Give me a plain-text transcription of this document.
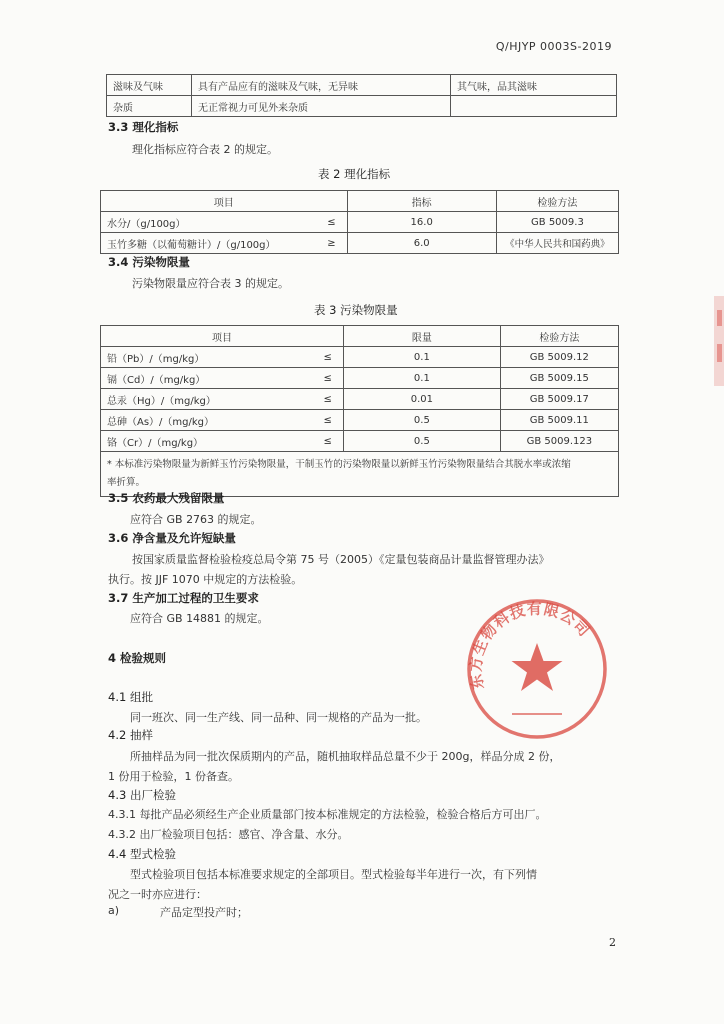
Q/HJYP 0003S-2019
滋味及气味	具有产品应有的滋味及气味，无异味	其气味，品其滋味
杂质	无正常视力可见外来杂质	
3.3 理化指标
理化指标应符合表 2 的规定。
表 2 理化指标
项目		指标	检验方法
水分/（g/100g）	≤	16.0	GB 5009.3
玉竹多糖（以葡萄糖计）/（g/100g）	≥	6.0	《中华人民共和国药典》
3.4 污染物限量
污染物限量应符合表 3 的规定。
表 3 污染物限量
项目		限量	检验方法
铅（Pb）/（mg/kg）	≤	0.1	GB 5009.12
镉（Cd）/（mg/kg）	≤	0.1	GB 5009.15
总汞（Hg）/（mg/kg）	≤	0.01	GB 5009.17
总砷（As）/（mg/kg）	≤	0.5	GB 5009.11
铬（Cr）/（mg/kg）	≤	0.5	GB 5009.123
* 本标准污染物限量为新鲜玉竹污染物限量，干制玉竹的污染物限量以新鲜玉竹污染物限量结合其脱水率或浓缩
率折算。			
3.5 农药最大残留限量
应符合 GB 2763 的规定。
3.6 净含量及允许短缺量
按国家质量监督检验检疫总局令第 75 号（2005）《定量包装商品计量监督管理办法》
执行。按 JJF 1070 中规定的方法检验。
3.7 生产加工过程的卫生要求
应符合 GB 14881 的规定。
4 检验规则
4.1 组批
同一班次、同一生产线、同一品种、同一规格的产品为一批。
4.2 抽样
所抽样品为同一批次保质期内的产品，随机抽取样品总量不少于 200g，样品分成 2 份，
1 份用于检验，1 份备查。
4.3 出厂检验
4.3.1 每批产品必须经生产企业质量部门按本标准规定的方法检验，检验合格后方可出厂。
4.3.2 出厂检验项目包括：感官、净含量、水分。
4.4 型式检验
型式检验项目包括本标准要求规定的全部项目。型式检验每半年进行一次，有下列情
况之一时亦应进行：
a)	产品定型投产时；
2
东方生物科技有限公司
